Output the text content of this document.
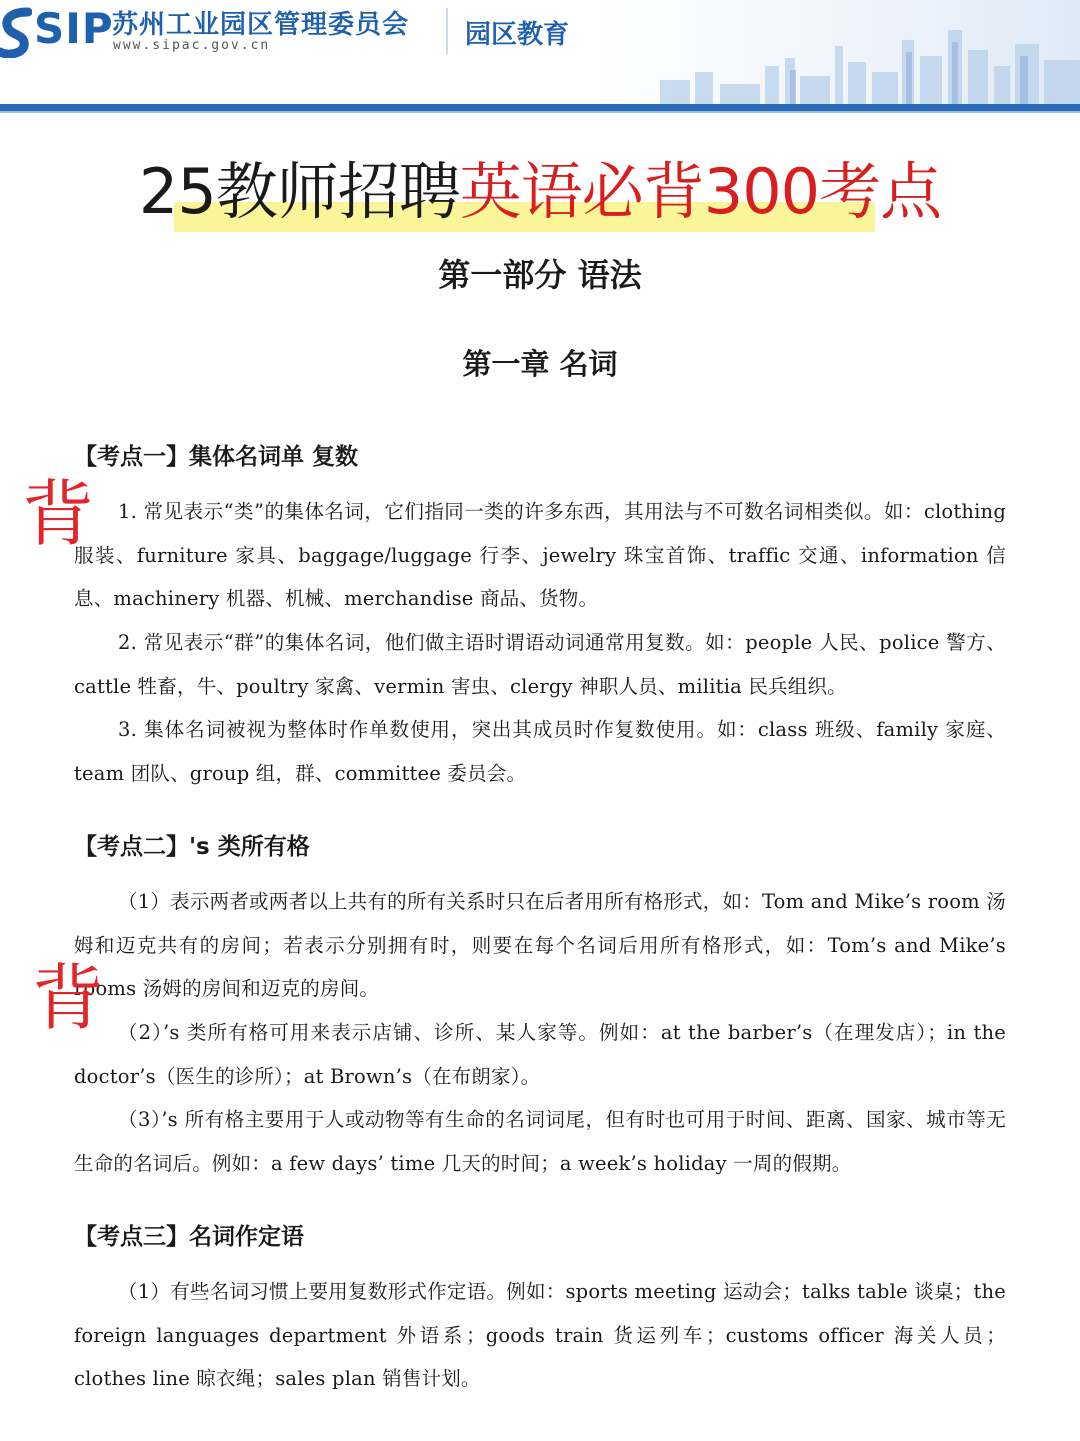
SIP
苏州工业园区管理委员会
www.sipac.gov.cn	园区教育
25教师招聘英语必背300考点
第一部分 语法
第一章 名词
【考点一】集体名词单 复数

1. 常见表示“类”的集体名词，它们指同一类的许多东西，其用法与不可数名词相类似。如：clothing 服装、furniture 家具、baggage/luggage 行李、jewelry 珠宝首饰、traffic 交通、information 信息、machinery 机器、机械、merchandise 商品、货物。

2. 常见表示“群”的集体名词，他们做主语时谓语动词通常用复数。如：people 人民、police 警方、cattle 牲畜，牛、poultry 家禽、vermin 害虫、clergy 神职人员、militia 民兵组织。

3. 集体名词被视为整体时作单数使用，突出其成员时作复数使用。如：class 班级、family 家庭、team 团队、group 组，群、committee 委员会。

【考点二】's 类所有格

（1）表示两者或两者以上共有的所有关系时只在后者用所有格形式，如：Tom and Mike’s room 汤姆和迈克共有的房间；若表示分别拥有时，则要在每个名词后用所有格形式，如：Tom’s and Mike’s rooms 汤姆的房间和迈克的房间。

（2）’s 类所有格可用来表示店铺、诊所、某人家等。例如：at the barber’s（在理发店）；in the doctor’s（医生的诊所）；at Brown’s（在布朗家）。

（3）’s 所有格主要用于人或动物等有生命的名词词尾，但有时也可用于时间、距离、国家、城市等无生命的名词后。例如：a few days’ time 几天的时间；a week’s holiday 一周的假期。

【考点三】名词作定语

（1）有些名词习惯上要用复数形式作定语。例如：sports meeting 运动会；talks table 谈桌；the foreign languages department 外语系；goods train 货运列车；customs officer 海关人员；clothes line 晾衣绳；sales plan 销售计划。

背
背
